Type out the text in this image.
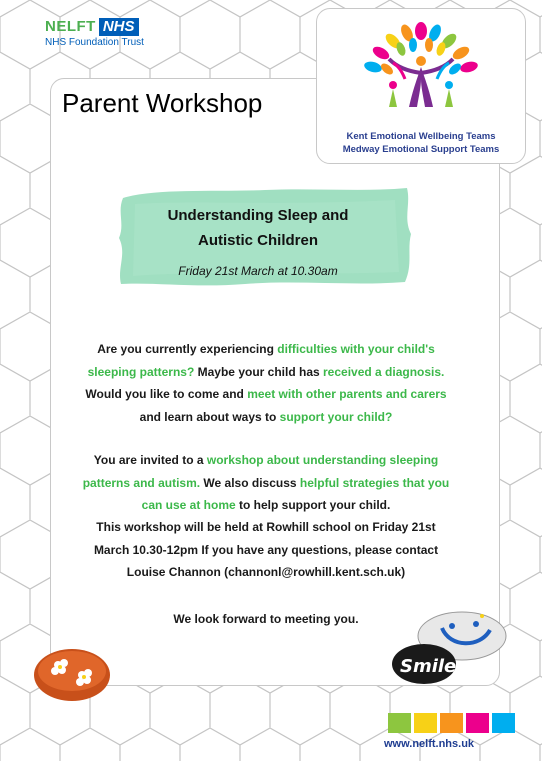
NELFT NHS
NHS Foundation Trust
Kent Emotional Wellbeing Teams
Medway Emotional Support Teams
Parent Workshop
Understanding Sleep and
Autistic Children
Friday 21st March at 10.30am
Are you currently experiencing difficulties with your child's sleeping patterns? Maybe your child has received a diagnosis. Would you like to come and meet with other parents and carers and learn about ways to support your child?
You are invited to a workshop about understanding sleeping patterns and autism. We also discuss helpful strategies that you can use at home to help support your child.
This workshop will be held at Rowhill school on Friday 21st March 10.30-12pm If you have any questions, please contact Louise Channon (channonl@rowhill.kent.sch.uk)
We look forward to meeting you.
Smile
www.nelft.nhs.uk
